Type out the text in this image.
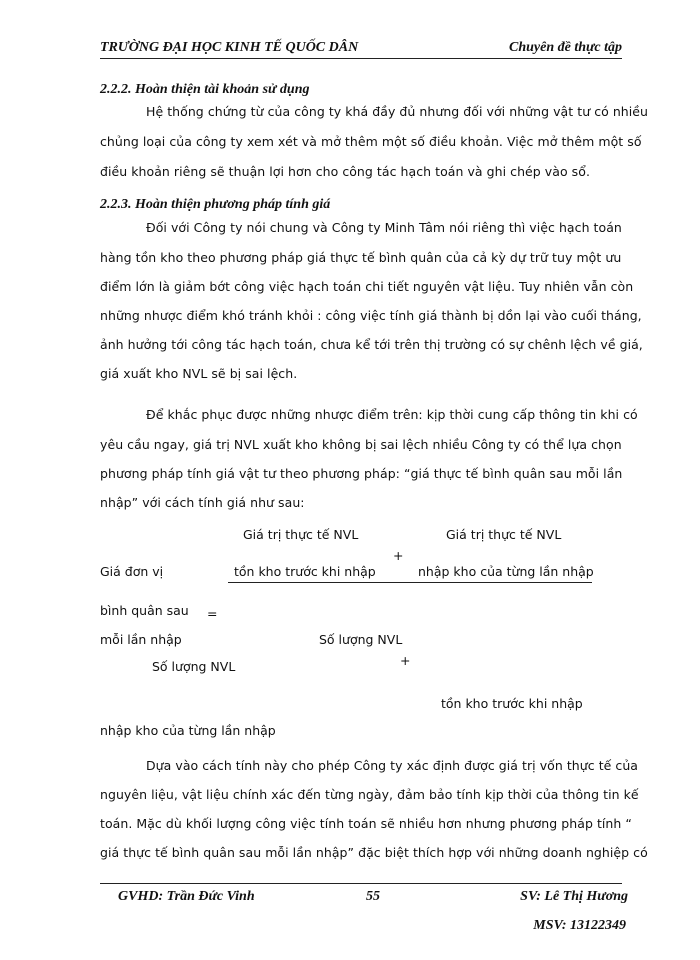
TRƯỜNG ĐẠI HỌC KINH TẾ QUỐC DÂN	Chuyên đề thực tập
2.2.2. Hoàn thiện tài khoản sử dụng
Hệ thống chứng từ của công ty khá đầy đủ nhưng đối với những vật tư có nhiều
chủng loại của công ty xem xét và mở thêm một số điều khoản. Việc mở thêm một số
điều khoản riêng sẽ thuận lợi hơn cho công tác hạch toán và ghi chép vào sổ.
2.2.3. Hoàn thiện phương pháp tính giá
Đối với Công ty nói chung và Công ty Minh Tâm nói riêng thì việc hạch toán
hàng tồn kho theo phương pháp giá thực tế bình quân của cả kỳ dự trữ tuy một ưu
điểm lớn là giảm bớt công việc hạch toán chi tiết nguyên vật liệu. Tuy nhiên vẫn còn
những nhược điểm khó tránh khỏi : công việc tính giá thành bị dồn lại vào cuối tháng,
ảnh hưởng tới công tác hạch toán, chưa kể tới trên thị trường có sự chênh lệch về giá,
giá xuất kho NVL sẽ bị sai lệch.
Để khắc phục được những nhược điểm trên: kịp thời cung cấp thông tin khi có
yêu cầu ngay, giá trị NVL xuất kho không bị sai lệch nhiều Công ty có thể lựa chọn
phương pháp tính giá vật tư theo phương pháp: “giá thực tế bình quân sau mỗi lần
nhập” với cách tính giá như sau:
Giá trị thực tế NVL	Giá trị thực tế NVL
+
Giá đơn vị	tồn kho trước khi nhập	nhập kho của từng lần nhập
bình quân sau =
mỗi lần nhập	Số lượng NVL
+
Số lượng NVL
tồn kho trước khi nhập
nhập kho của từng lần nhập
Dựa vào cách tính này cho phép Công ty xác định được giá trị vốn thực tế của
nguyên liệu, vật liệu chính xác đến từng ngày, đảm bảo tính kịp thời của thông tin kế
toán. Mặc dù khối lượng công việc tính toán sẽ nhiều hơn nhưng phương pháp tính “
giá thực tế bình quân sau mỗi lần nhập” đặc biệt thích hợp với những doanh nghiệp có
GVHD: Trần Đức Vinh	55	SV: Lê Thị Hương
MSV: 13122349
